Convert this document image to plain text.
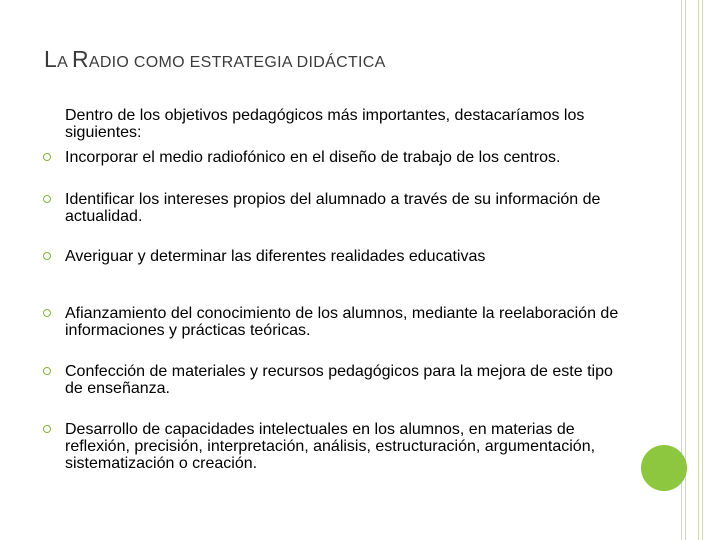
LA RADIO COMO ESTRATEGIA DIDÁCTICA

Dentro de los objetivos pedagógicos más importantes, destacaríamos los siguientes:

Incorporar el medio radiofónico en el diseño de trabajo de los centros.
Identificar los intereses propios del alumnado a través de su información de actualidad.
Averiguar y determinar las diferentes realidades educativas
Afianzamiento del conocimiento de los alumnos, mediante la reelaboración de informaciones y prácticas teóricas.
Confección de materiales y recursos pedagógicos para la mejora de este tipo de enseñanza.
Desarrollo de capacidades intelectuales en los alumnos, en materias de reflexión, precisión, interpretación, análisis, estructuración, argumentación, sistematización o creación.
